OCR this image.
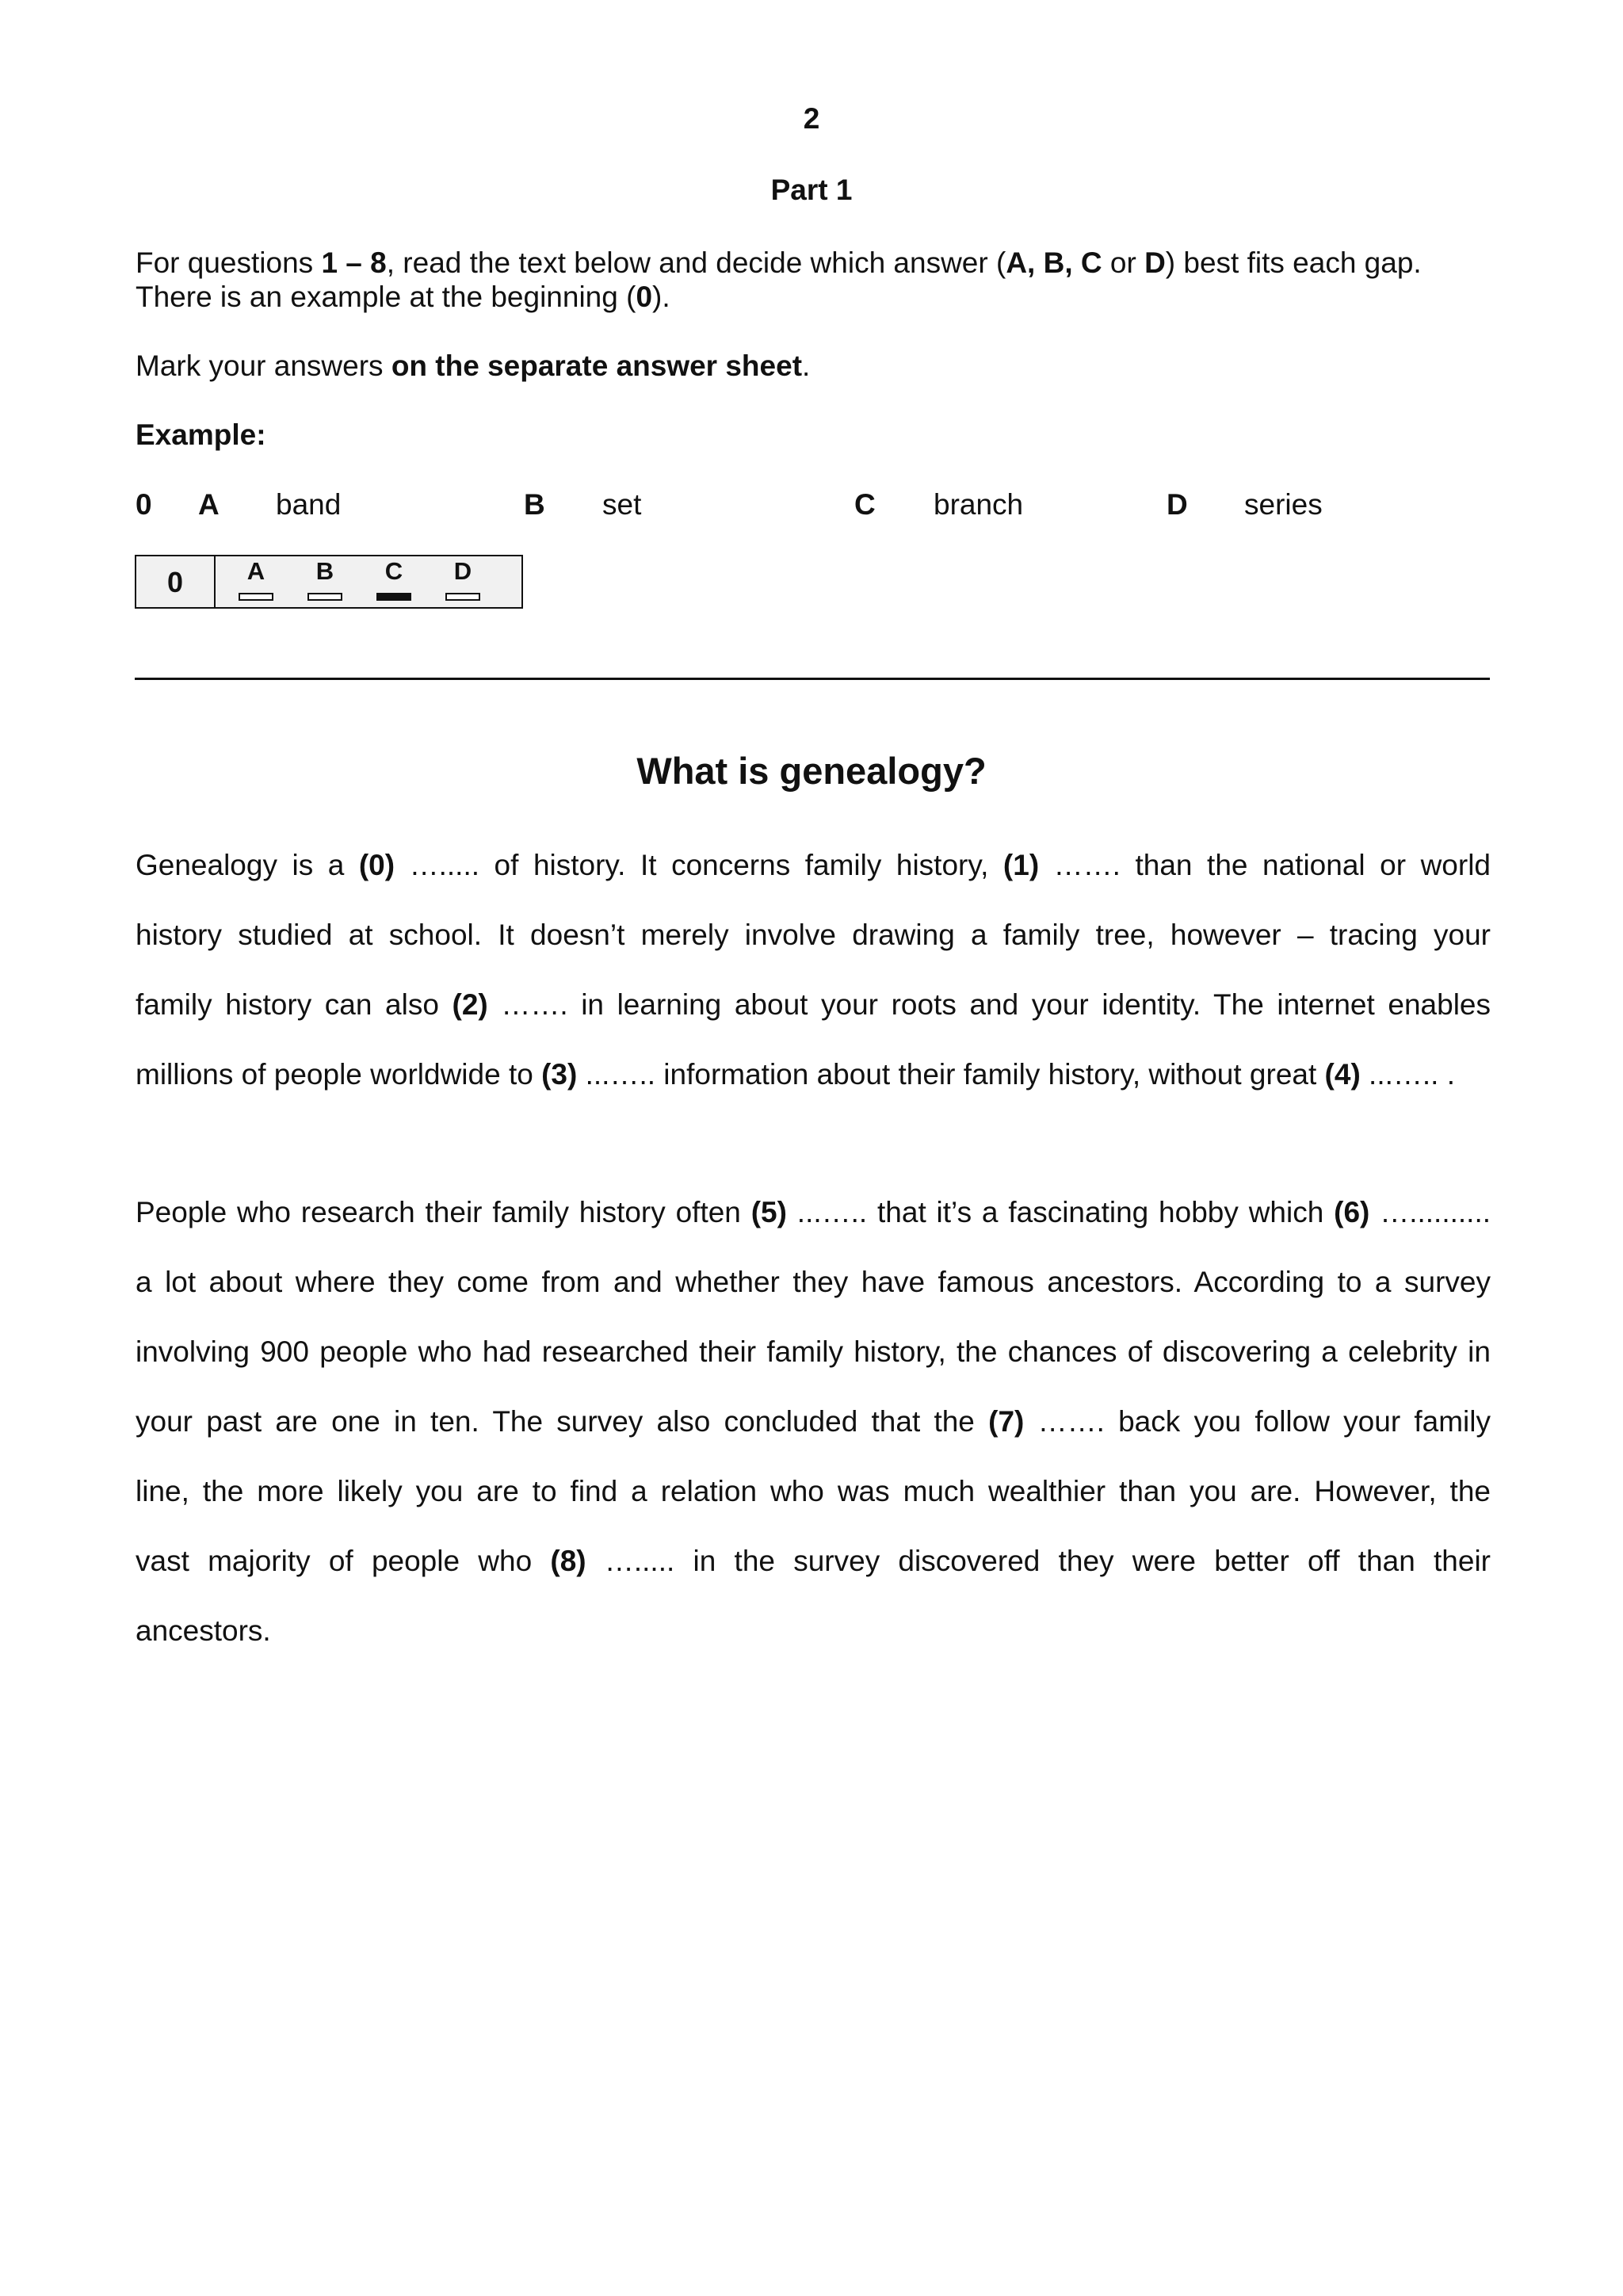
2
Part 1
For questions 1 – 8, read the text below and decide which answer (A, B, C or D) best fits each gap.
There is an example at the beginning (0).
Mark your answers on the separate answer sheet.
Example:
0 A band	B set	C branch	D series
0	A	B	C	D
What is genealogy?
Genealogy is a (0) …..... of history. It concerns family history, (1) ……. than the national or world
history studied at school. It doesn’t merely involve drawing a family tree, however – tracing your
family history can also (2) ……. in learning about your roots and your identity. The internet enables
millions of people worldwide to (3) ...….. information about their family history, without great (4) ...….. .
People who research their family history often (5) ...….. that it’s a fascinating hobby which (6) …..........
a lot about where they come from and whether they have famous ancestors. According to a survey
involving 900 people who had researched their family history, the chances of discovering a celebrity in
your past are one in ten. The survey also concluded that the (7) ……. back you follow your family
line, the more likely you are to find a relation who was much wealthier than you are. However, the
vast majority of people who (8) …..... in the survey discovered they were better off than their
ancestors.
